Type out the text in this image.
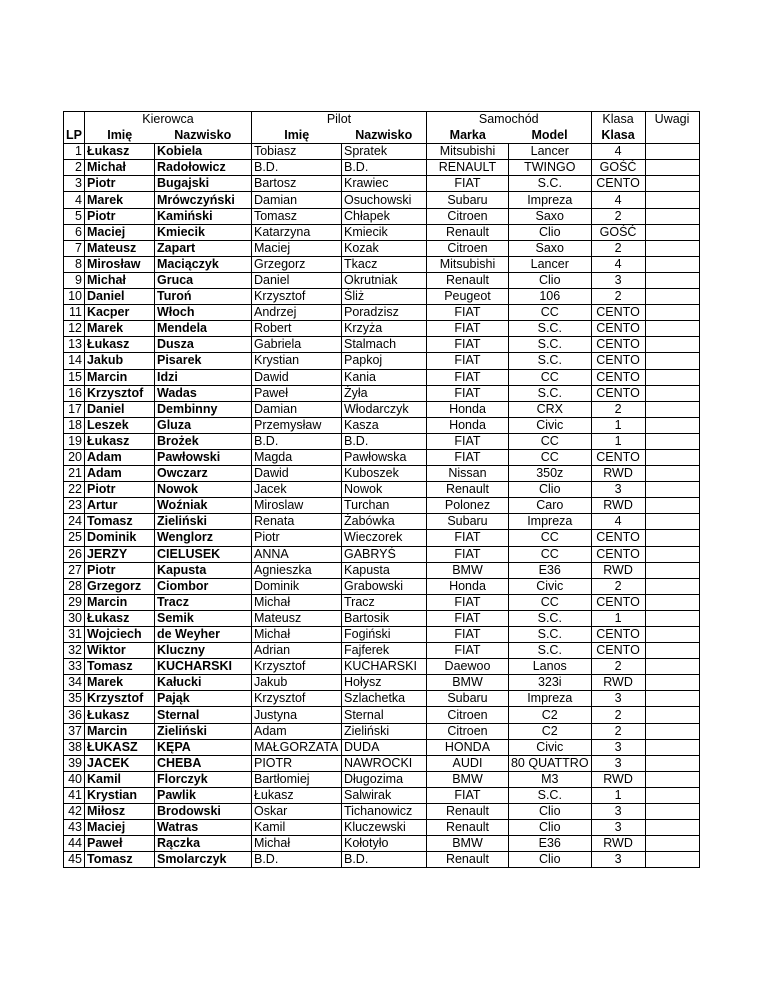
	Kierowca		Pilot		Samochód		Klasa	Uwagi
LP	Imię	Nazwisko	Imię	Nazwisko	Marka	Model	Klasa	
1	Łukasz	Kobiela	Tobiasz	Spratek	Mitsubishi	Lancer	4	
2	Michał	Radołowicz	B.D.	B.D.	RENAULT	TWINGO	GOŚĆ	
3	Piotr	Bugajski	Bartosz	Krawiec	FIAT	S.C.	CENTO	
4	Marek	Mrówczyński	Damian	Osuchowski	Subaru	Impreza	4	
5	Piotr	Kamiński	Tomasz	Chłapek	Citroen	Saxo	2	
6	Maciej	Kmiecik	Katarzyna	Kmiecik	Renault	Clio	GOŚĆ	
7	Mateusz	Zapart	Maciej	Kozak	Citroen	Saxo	2	
8	Mirosław	Maciączyk	Grzegorz	Tkacz	Mitsubishi	Lancer	4	
9	Michał	Gruca	Daniel	Okrutniak	Renault	Clio	3	
10	Daniel	Turoń	Krzysztof	Śliż	Peugeot	106	2	
11	Kacper	Włoch	Andrzej	Poradzisz	FIAT	CC	CENTO	
12	Marek	Mendela	Robert	Krzyża	FIAT	S.C.	CENTO	
13	Łukasz	Dusza	Gabriela	Stalmach	FIAT	S.C.	CENTO	
14	Jakub	Pisarek	Krystian	Papkoj	FIAT	S.C.	CENTO	
15	Marcin	Idzi	Dawid	Kania	FIAT	CC	CENTO	
16	Krzysztof	Wadas	Paweł	Żyła	FIAT	S.C.	CENTO	
17	Daniel	Dembinny	Damian	Włodarczyk	Honda	CRX	2	
18	Leszek	Gluza	Przemysław	Kasza	Honda	Civic	1	
19	Łukasz	Brożek	B.D.	B.D.	FIAT	CC	1	
20	Adam	Pawłowski	Magda	Pawłowska	FIAT	CC	CENTO	
21	Adam	Owczarz	Dawid	Kuboszek	Nissan	350z	RWD	
22	Piotr	Nowok	Jacek	Nowok	Renault	Clio	3	
23	Artur	Woźniak	Miroslaw	Turchan	Polonez	Caro	RWD	
24	Tomasz	Zieliński	Renata	Żabówka	Subaru	Impreza	4	
25	Dominik	Wenglorz	Piotr	Wieczorek	FIAT	CC	CENTO	
26	JERZY	CIELUSEK	ANNA	GABRYŚ	FIAT	CC	CENTO	
27	Piotr	Kapusta	Agnieszka	Kapusta	BMW	E36	RWD	
28	Grzegorz	Ciombor	Dominik	Grabowski	Honda	Civic	2	
29	Marcin	Tracz	Michał	Tracz	FIAT	CC	CENTO	
30	Łukasz	Semik	Mateusz	Bartosik	FIAT	S.C.	1	
31	Wojciech	de Weyher	Michał	Fogiński	FIAT	S.C.	CENTO	
32	Wiktor	Kluczny	Adrian	Fajferek	FIAT	S.C.	CENTO	
33	Tomasz	KUCHARSKI	Krzysztof	KUCHARSKI	Daewoo	Lanos	2	
34	Marek	Kałucki	Jakub	Hołysz	BMW	323i	RWD	
35	Krzysztof	Pająk	Krzysztof	Szlachetka	Subaru	Impreza	3	
36	Łukasz	Sternal	Justyna	Sternal	Citroen	C2	2	
37	Marcin	Zieliński	Adam	Zieliński	Citroen	C2	2	
38	ŁUKASZ	KĘPA	MAŁGORZATA	DUDA	HONDA	Civic	3	
39	JACEK	CHEBA	PIOTR	NAWROCKI	AUDI	80 QUATTRO	3	
40	Kamil	Florczyk	Bartłomiej	Długozima	BMW	M3	RWD	
41	Krystian	Pawlik	Łukasz	Salwirak	FIAT	S.C.	1	
42	Miłosz	Brodowski	Oskar	Tichanowicz	Renault	Clio	3	
43	Maciej	Watras	Kamil	Kluczewski	Renault	Clio	3	
44	Paweł	Rączka	Michał	Kołotyło	BMW	E36	RWD	
45	Tomasz	Smolarczyk	B.D.	B.D.	Renault	Clio	3	
